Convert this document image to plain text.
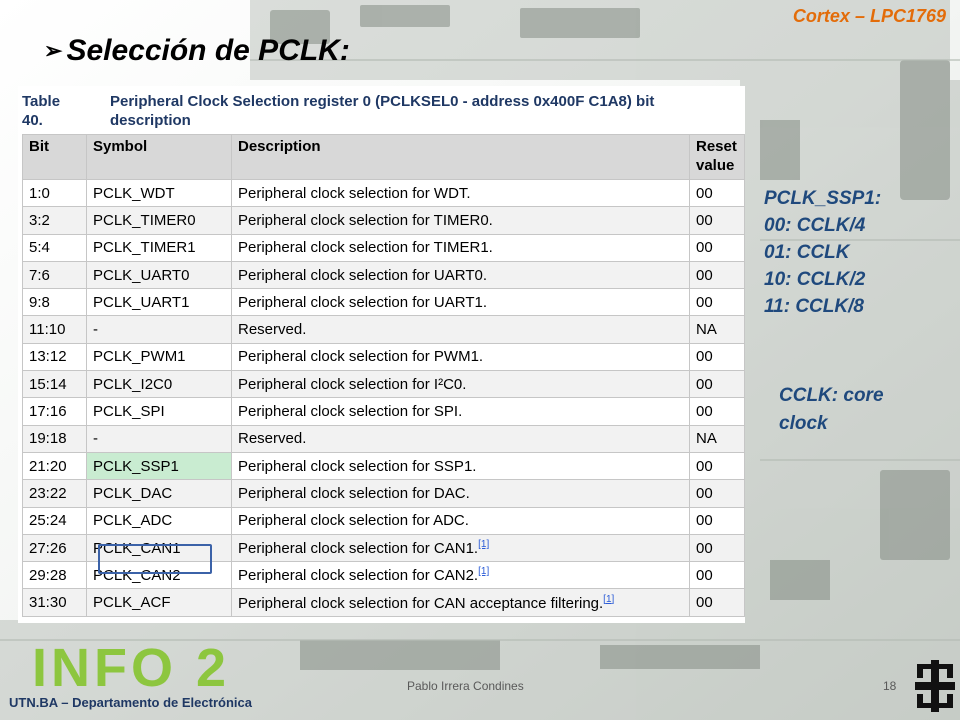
Cortex – LPC1769
➢ Selección de PCLK:
Table 40.
Peripheral Clock Selection register 0 (PCLKSEL0 - address 0x400F C1A8) bit description
Bit	Symbol	Description	Reset value
1:0	PCLK_WDT	Peripheral clock selection for WDT.	00
3:2	PCLK_TIMER0	Peripheral clock selection for TIMER0.	00
5:4	PCLK_TIMER1	Peripheral clock selection for TIMER1.	00
7:6	PCLK_UART0	Peripheral clock selection for UART0.	00
9:8	PCLK_UART1	Peripheral clock selection for UART1.	00
11:10	-	Reserved.	NA
13:12	PCLK_PWM1	Peripheral clock selection for PWM1.	00
15:14	PCLK_I2C0	Peripheral clock selection for I²C0.	00
17:16	PCLK_SPI	Peripheral clock selection for SPI.	00
19:18	-	Reserved.	NA
21:20	PCLK_SSP1	Peripheral clock selection for SSP1.	00
23:22	PCLK_DAC	Peripheral clock selection for DAC.	00
25:24	PCLK_ADC	Peripheral clock selection for ADC.	00
27:26	PCLK_CAN1	Peripheral clock selection for CAN1.[1]	00
29:28	PCLK_CAN2	Peripheral clock selection for CAN2.[1]	00
31:30	PCLK_ACF	Peripheral clock selection for CAN acceptance filtering.[1]	00
PCLK_SSP1:
00: CCLK/4
01: CCLK
10: CCLK/2
11: CCLK/8
CCLK: core
clock
INFO 2
UTN.BA – Departamento de Electrónica
Pablo Irrera Condines	18
